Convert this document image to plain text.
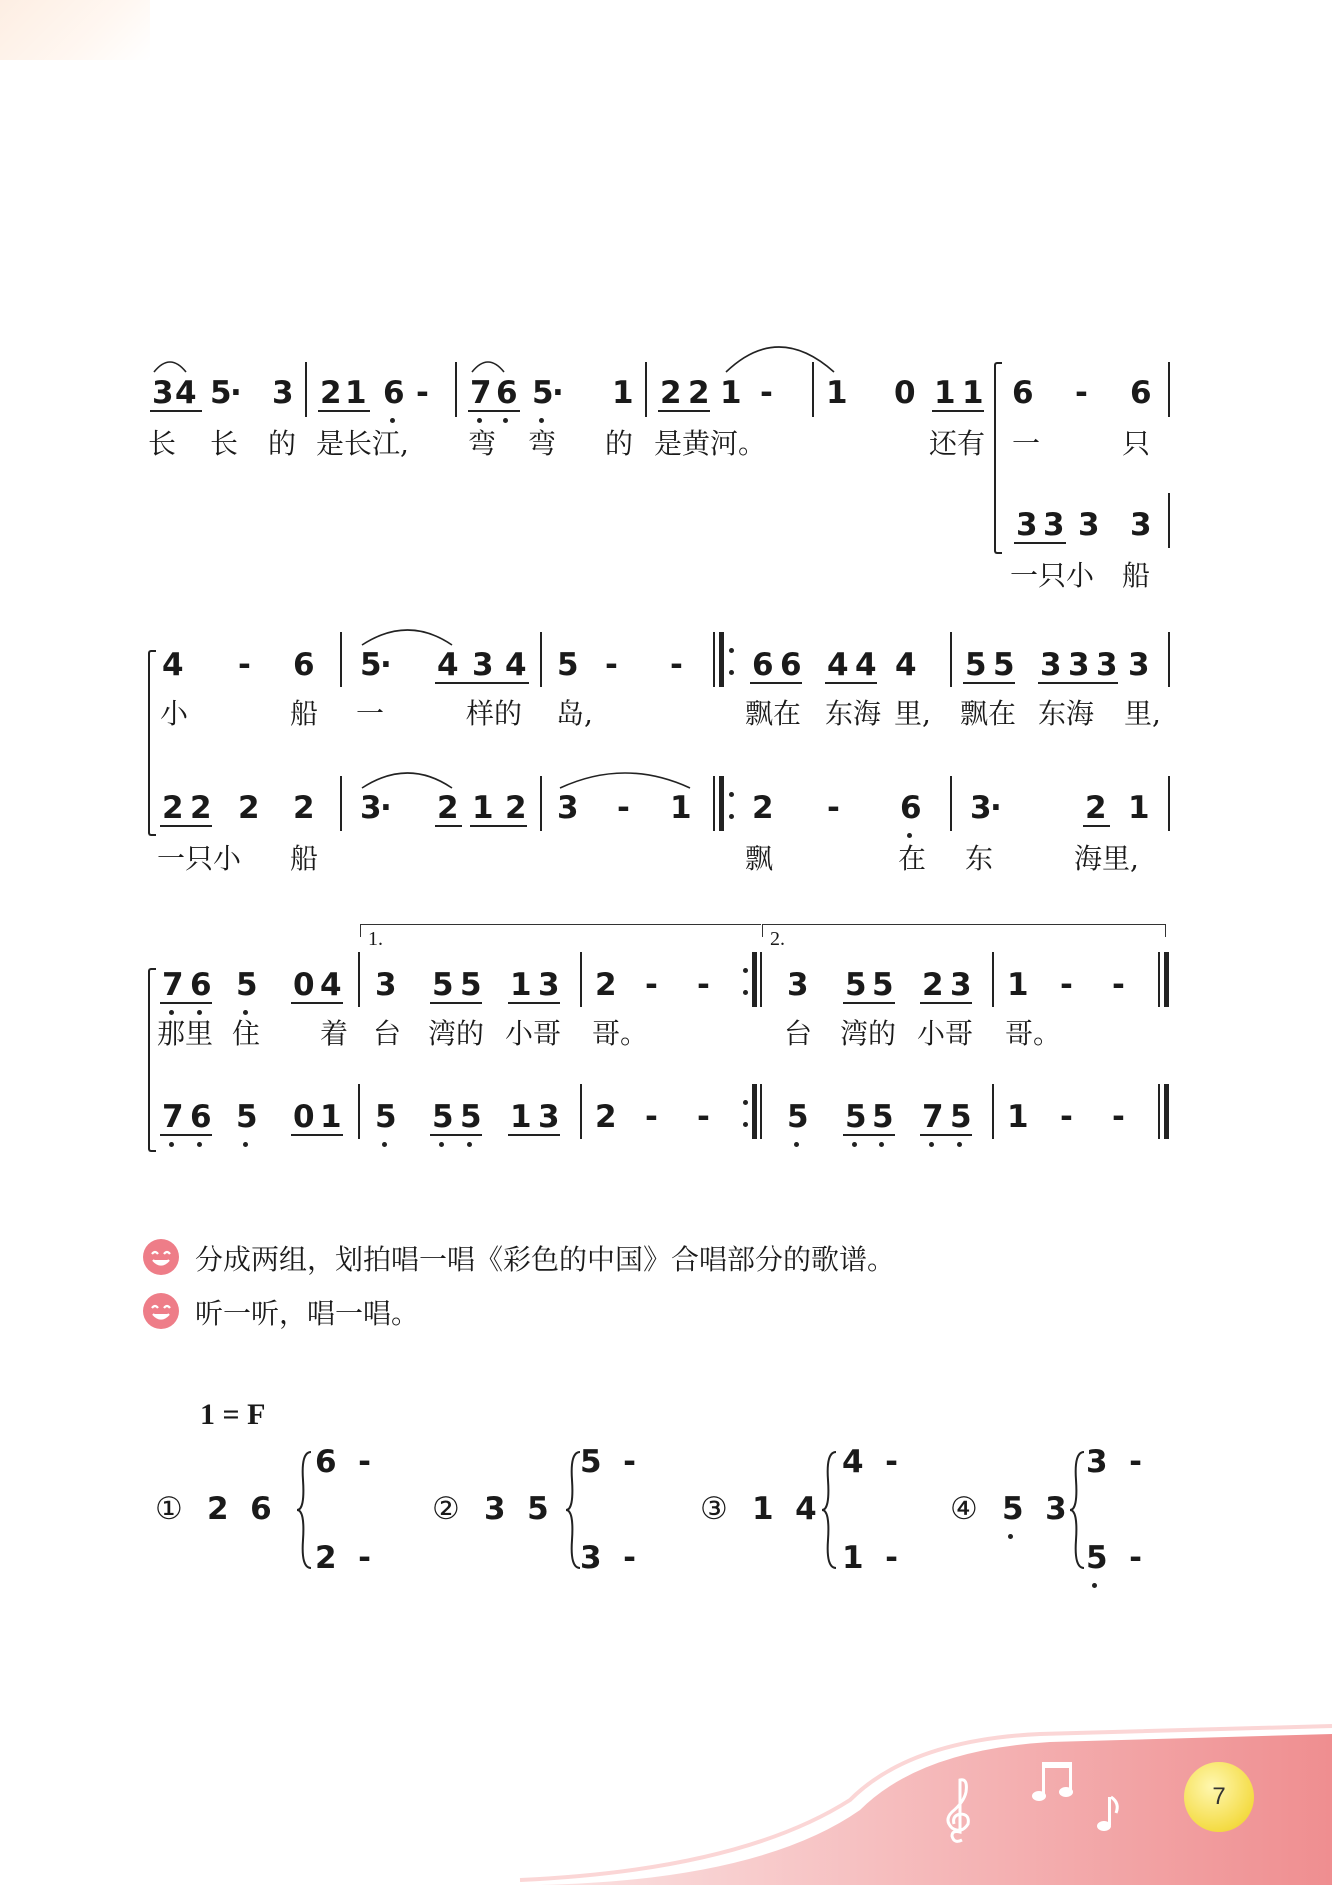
3 4 5
· 3 2 1 6 - 7 6 5
· 1 2 2 1 - 1 0 1 1 6 - 6
长 长 的 是长江, 弯 弯 的 是黄河。	还有 一	只
3 3 3 3
一只小 船
4 - 6 5
· 4 3 4 5 - - 6 6 4 4 4 5 5 3 3 3 3
小	船 一	样的 岛,	飘在 东海 里, 飘在 东海 里,
2 2 2 2 3
· 2 1 2 3 - 1 2 - 6 3
·	2 1
一只小 船	飘	在 东	海里,
1.	2.
7 6 5 0 4 3 5 5 1 3 2 - - 3 5 5 2 3 1 - -
那里 住 着 台 湾的 小哥 哥。	台 湾的 小哥 哥。
7 6 5 0 1 5 5 5 1 3 2 - - 5 5 5 7 5 1 - -
分成两组，划拍唱一唱《彩色的中国》合唱部分的歌谱。
听一听，唱一唱。
1 = F
① 2  6
6  -
2  -
② 3  5
5  -
3  -
③ 1  4
4  -
1  -
④ 5  3
3  -
5  -
7
